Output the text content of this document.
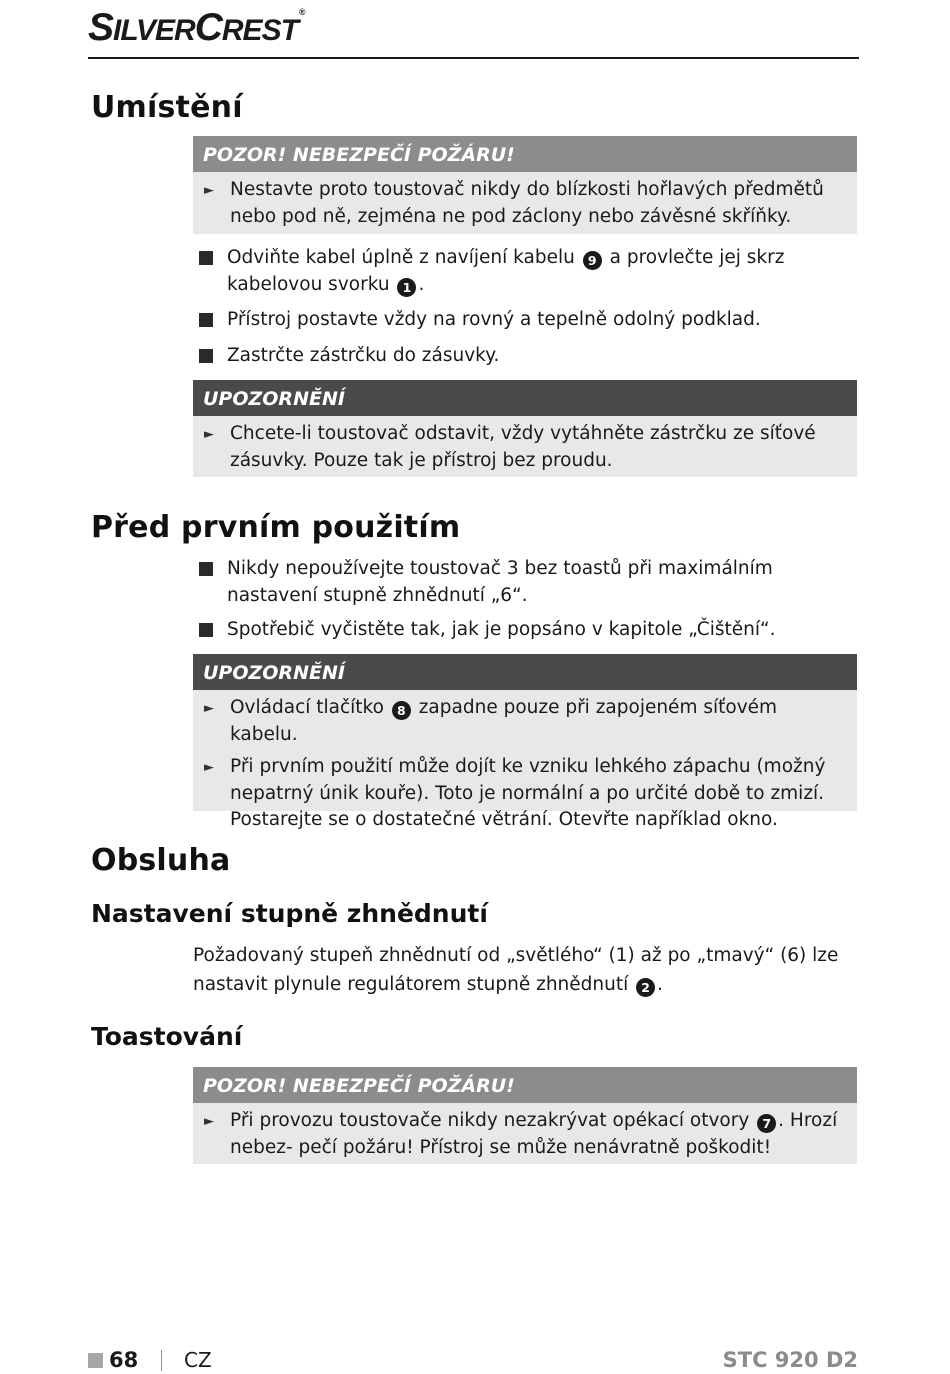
SILVERCREST®
Umístění
POZOR! NEBEZPEČÍ POŽÁRU!
► Nestavte proto toustovač nikdy do blízkosti hořlavých předmětů nebo pod ně, zejména ne pod záclony nebo závěsné skříňky.
Odviňte kabel úplně z navíjení kabelu 9 a provlečte jej skrz kabelovou svorku 1 .
Přístroj postavte vždy na rovný a tepelně odolný podklad.
Zastrčte zástrčku do zásuvky.
UPOZORNĚNÍ
► Chcete-li toustovač odstavit, vždy vytáhněte zástrčku ze síťové zásuvky. Pouze tak je přístroj bez proudu.
Před prvním použitím
Nikdy nepoužívejte toustovač 3 bez toastů při maximálním nastavení stupně zhnědnutí „6“.
Spotřebič vyčistěte tak, jak je popsáno v kapitole „Čištění“.
UPOZORNĚNÍ
► Ovládací tlačítko 8 zapadne pouze při zapojeném síťovém kabelu.
► Při prvním použití může dojít ke vzniku lehkého zápachu (možný nepatrný únik kouře). Toto je normální a po určité době to zmizí. Postarejte se o dostatečné větrání. Otevřte například okno.
Obsluha
Nastavení stupně zhnědnutí
Požadovaný stupeň zhnědnutí od „světlého“ (1) až po „tmavý“ (6) lze nastavit plynule regulátorem stupně zhnědnutí 2 .
Toastování
POZOR! NEBEZPEČÍ POŽÁRU!
► Při provozu toustovače nikdy nezakrývat opékací otvory 7 . Hrozí nebez- pečí požáru! Přístroj se může nenávratně poškodit!
68 CZ	STC 920 D2
